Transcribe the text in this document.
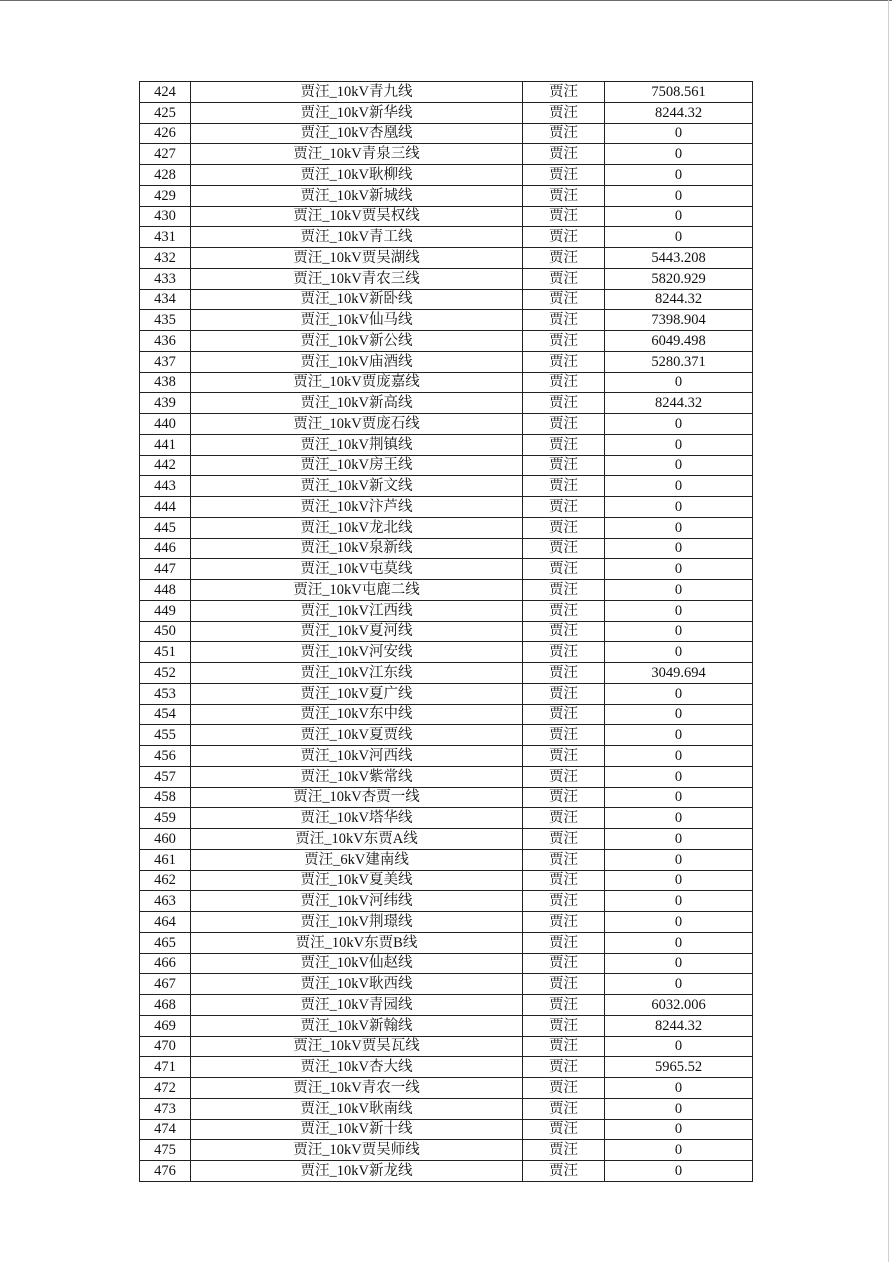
424	贾汪_10kV青九线	贾汪	7508.561
425	贾汪_10kV新华线	贾汪	8244.32
426	贾汪_10kV杏凰线	贾汪	0
427	贾汪_10kV青泉三线	贾汪	0
428	贾汪_10kV耿柳线	贾汪	0
429	贾汪_10kV新城线	贾汪	0
430	贾汪_10kV贾吴权线	贾汪	0
431	贾汪_10kV青工线	贾汪	0
432	贾汪_10kV贾吴湖线	贾汪	5443.208
433	贾汪_10kV青农三线	贾汪	5820.929
434	贾汪_10kV新卧线	贾汪	8244.32
435	贾汪_10kV仙马线	贾汪	7398.904
436	贾汪_10kV新公线	贾汪	6049.498
437	贾汪_10kV庙酒线	贾汪	5280.371
438	贾汪_10kV贾庞嘉线	贾汪	0
439	贾汪_10kV新高线	贾汪	8244.32
440	贾汪_10kV贾庞石线	贾汪	0
441	贾汪_10kV荆镇线	贾汪	0
442	贾汪_10kV房王线	贾汪	0
443	贾汪_10kV新文线	贾汪	0
444	贾汪_10kV汴芦线	贾汪	0
445	贾汪_10kV龙北线	贾汪	0
446	贾汪_10kV泉新线	贾汪	0
447	贾汪_10kV屯莫线	贾汪	0
448	贾汪_10kV屯鹿二线	贾汪	0
449	贾汪_10kV江西线	贾汪	0
450	贾汪_10kV夏河线	贾汪	0
451	贾汪_10kV河安线	贾汪	0
452	贾汪_10kV江东线	贾汪	3049.694
453	贾汪_10kV夏广线	贾汪	0
454	贾汪_10kV东中线	贾汪	0
455	贾汪_10kV夏贾线	贾汪	0
456	贾汪_10kV河西线	贾汪	0
457	贾汪_10kV紫常线	贾汪	0
458	贾汪_10kV杏贾一线	贾汪	0
459	贾汪_10kV塔华线	贾汪	0
460	贾汪_10kV东贾A线	贾汪	0
461	贾汪_6kV建南线	贾汪	0
462	贾汪_10kV夏美线	贾汪	0
463	贾汪_10kV河纬线	贾汪	0
464	贾汪_10kV荆璟线	贾汪	0
465	贾汪_10kV东贾B线	贾汪	0
466	贾汪_10kV仙赵线	贾汪	0
467	贾汪_10kV耿西线	贾汪	0
468	贾汪_10kV青园线	贾汪	6032.006
469	贾汪_10kV新翰线	贾汪	8244.32
470	贾汪_10kV贾吴瓦线	贾汪	0
471	贾汪_10kV杏大线	贾汪	5965.52
472	贾汪_10kV青农一线	贾汪	0
473	贾汪_10kV耿南线	贾汪	0
474	贾汪_10kV新十线	贾汪	0
475	贾汪_10kV贾吴师线	贾汪	0
476	贾汪_10kV新龙线	贾汪	0
